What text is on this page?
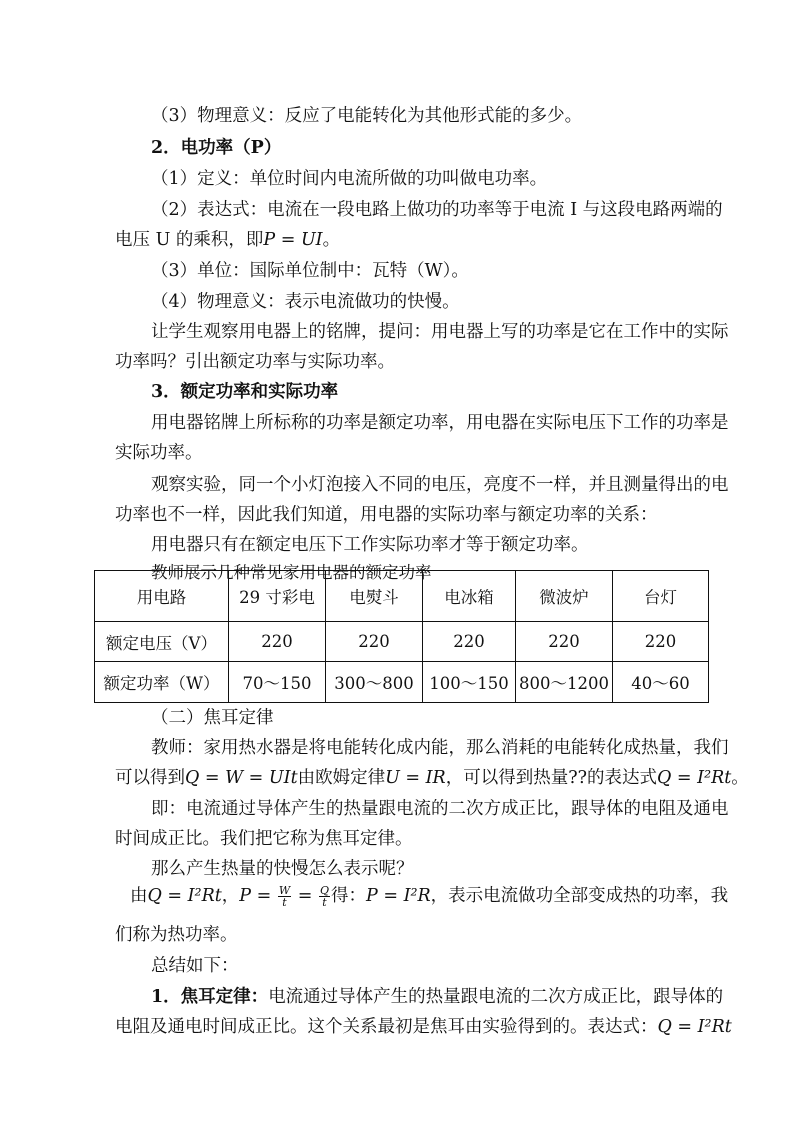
（3）物理意义：反应了电能转化为其他形式能的多少。
2．电功率（P）
（1）定义：单位时间内电流所做的功叫做电功率。
（2）表达式：电流在一段电路上做功的功率等于电流 I 与这段电路两端的
电压 U 的乘积，即P = UI。
（3）单位：国际单位制中：瓦特（W）。
（4）物理意义：表示电流做功的快慢。
让学生观察用电器上的铭牌，提问：用电器上写的功率是它在工作中的实际
功率吗？引出额定功率与实际功率。
3．额定功率和实际功率
用电器铭牌上所标称的功率是额定功率，用电器在实际电压下工作的功率是
实际功率。
观察实验，同一个小灯泡接入不同的电压，亮度不一样，并且测量得出的电
功率也不一样，因此我们知道，用电器的实际功率与额定功率的关系：
用电器只有在额定电压下工作实际功率才等于额定功率。
教师展示几种常见家用电器的额定功率
用电路	29 寸彩电	电熨斗	电冰箱	微波炉	台灯
额定电压（V）	220	220	220	220	220
额定功率（W）	70～150	300～800	100～150	800～1200	40～60
（二）焦耳定律
教师：家用热水器是将电能转化成内能，那么消耗的电能转化成热量，我们
可以得到Q = W = UIt由欧姆定律U = IR，可以得到热量??的表达式Q = I²Rt。
即：电流通过导体产生的热量跟电流的二次方成正比，跟导体的电阻及通电
时间成正比。我们把它称为焦耳定律。
那么产生热量的快慢怎么表示呢？
由Q = I²Rt，$P = \frac{W}{t} = \frac{Q}{t}$ 得：P = I²R，表示电流做功全部变成热的功率，我
们称为热功率。
总结如下：
1．焦耳定律：电流通过导体产生的热量跟电流的二次方成正比，跟导体的
电阻及通电时间成正比。这个关系最初是焦耳由实验得到的。表达式：Q = I²Rt
